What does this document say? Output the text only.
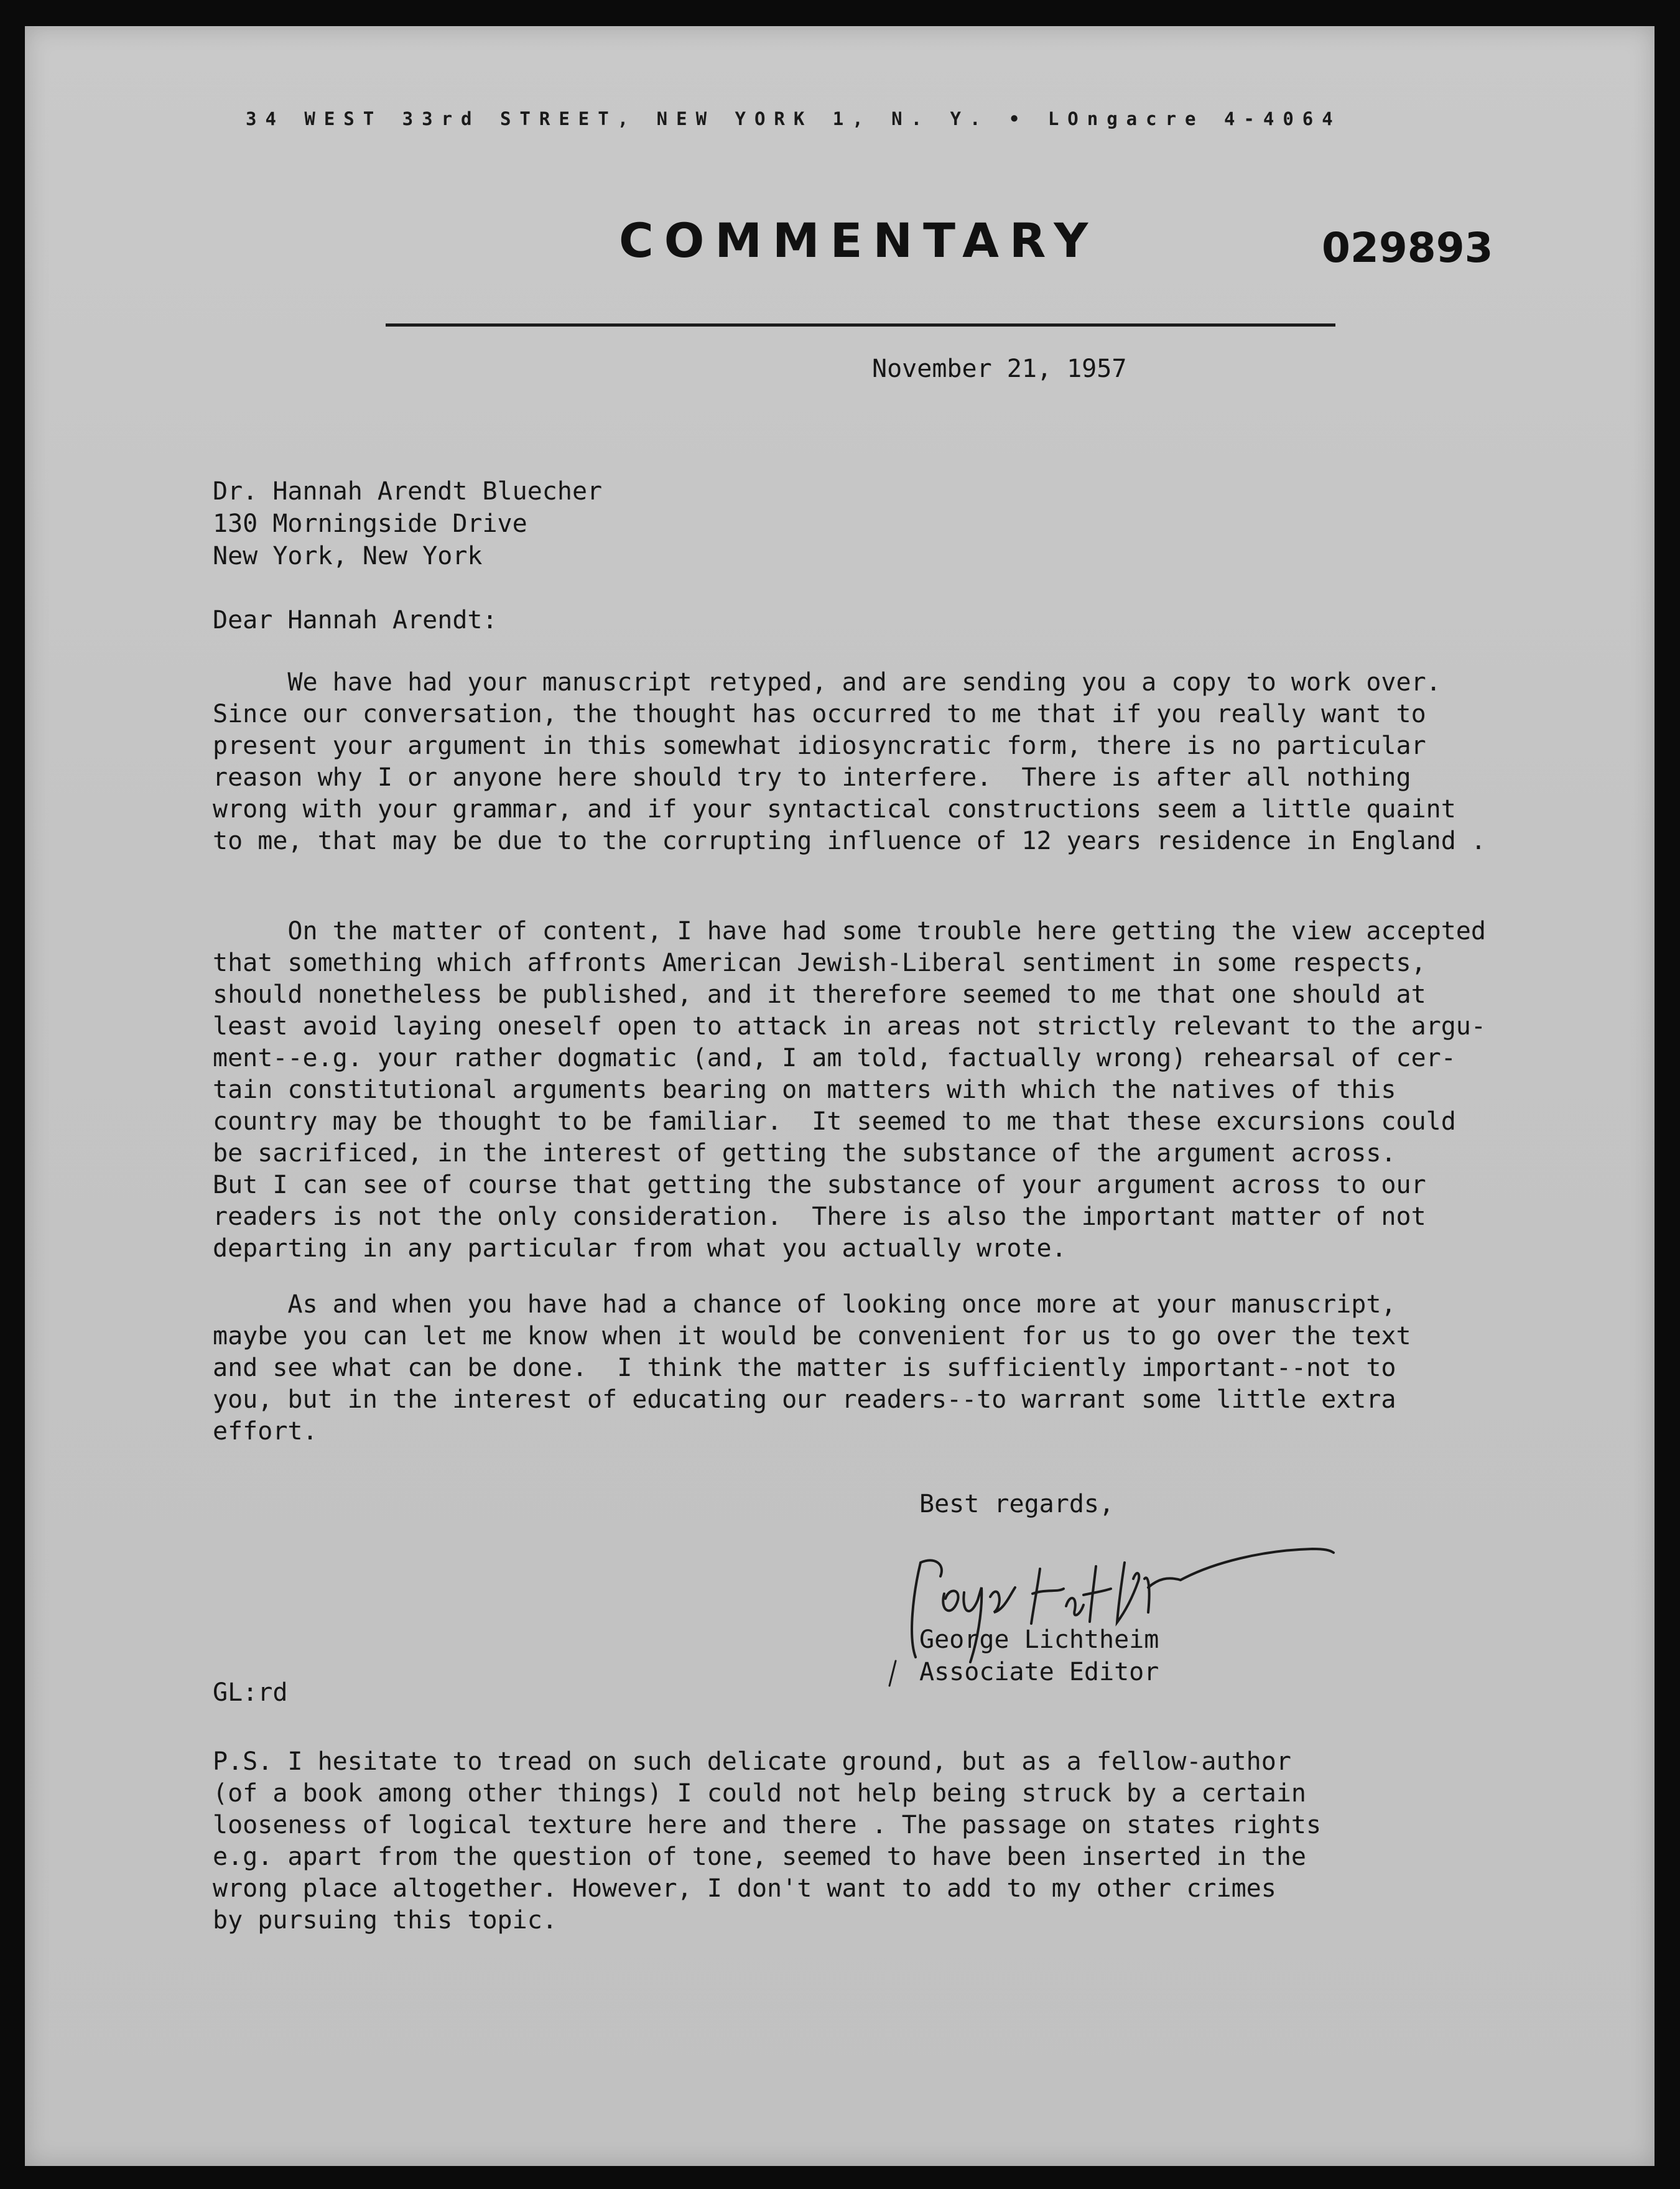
34 WEST 33rd STREET, NEW YORK 1, N. Y. • LOngacre 4-4064
COMMENTARY	029893
November 21, 1957
Dr. Hannah Arendt Bluecher
130 Morningside Drive
New York, New York
Dear Hannah Arendt:
We have had your manuscript retyped, and are sending you a copy to work over.
Since our conversation, the thought has occurred to me that if you really want to
present your argument in this somewhat idiosyncratic form, there is no particular
reason why I or anyone here should try to interfere.  There is after all nothing
wrong with your grammar, and if your syntactical constructions seem a little quaint
to me, that may be due to the corrupting influence of 12 years residence in England .
On the matter of content, I have had some trouble here getting the view accepted
that something which affronts American Jewish-Liberal sentiment in some respects,
should nonetheless be published, and it therefore seemed to me that one should at
least avoid laying oneself open to attack in areas not strictly relevant to the argu-
ment--e.g. your rather dogmatic (and, I am told, factually wrong) rehearsal of cer-
tain constitutional arguments bearing on matters with which the natives of this
country may be thought to be familiar.  It seemed to me that these excursions could
be sacrificed, in the interest of getting the substance of the argument across.
But I can see of course that getting the substance of your argument across to our
readers is not the only consideration.  There is also the important matter of not
departing in any particular from what you actually wrote.
As and when you have had a chance of looking once more at your manuscript,
maybe you can let me know when it would be convenient for us to go over the text
and see what can be done.  I think the matter is sufficiently important--not to
you, but in the interest of educating our readers--to warrant some little extra
effort.
Best regards,
George Lichtheim
Associate Editor
GL:rd
P.S. I hesitate to tread on such delicate ground, but as a fellow-author
(of a book among other things) I could not help being struck by a certain
looseness of logical texture here and there . The passage on states rights
e.g. apart from the question of tone, seemed to have been inserted in the
wrong place altogether. However, I don't want to add to my other crimes
by pursuing this topic.
